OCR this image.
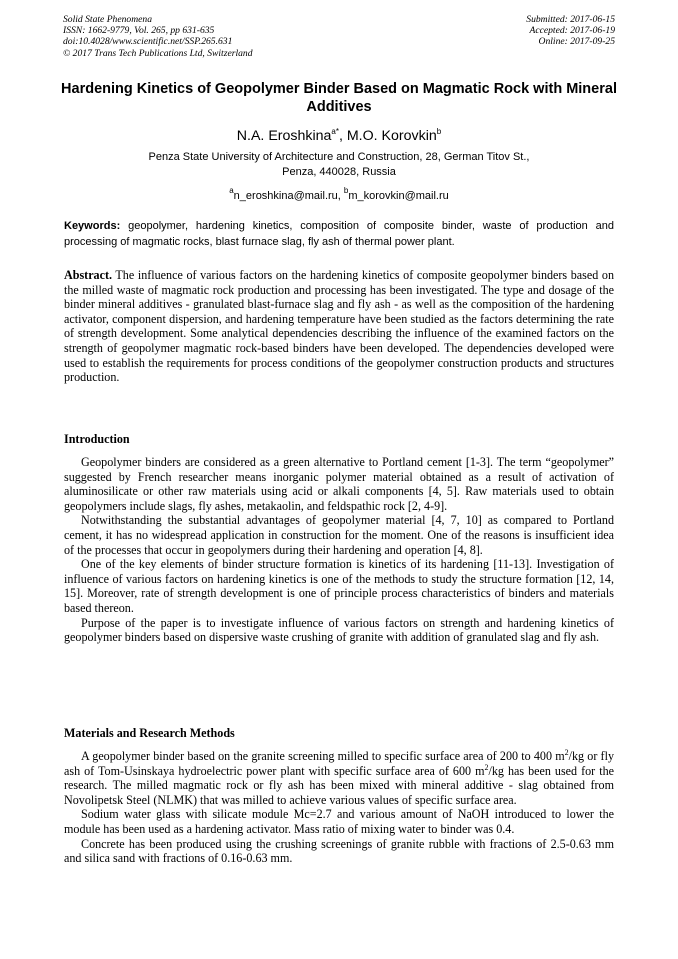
Solid State Phenomena
ISSN: 1662-9779, Vol. 265, pp 631-635
doi:10.4028/www.scientific.net/SSP.265.631
© 2017 Trans Tech Publications Ltd, Switzerland
Submitted: 2017-06-15
Accepted: 2017-06-19
Online: 2017-09-25
Hardening Kinetics of Geopolymer Binder Based on Magmatic Rock with Mineral Additives
N.A. Eroshkina$^{a*}$, M.O. Korovkin$^b$
Penza State University of Architecture and Construction, 28, German Titov St.,
Penza, 440028, Russia
$^a$n_eroshkina@mail.ru, $^b$m_korovkin@mail.ru
Keywords: geopolymer, hardening kinetics, composition of composite binder, waste of production and processing of magmatic rocks, blast furnace slag, fly ash of thermal power plant.
Abstract. The influence of various factors on the hardening kinetics of composite geopolymer binders based on the milled waste of magmatic rock production and processing has been investigated. The type and dosage of the binder mineral additives - granulated blast-furnace slag and fly ash - as well as the composition of the hardening activator, component dispersion, and hardening temperature have been studied as the factors determining the rate of strength development. Some analytical dependencies describing the influence of the examined factors on the strength of geopolymer magmatic rock-based binders have been developed. The dependencies developed were used to establish the requirements for process conditions of the geopolymer construction products and structures production.
Introduction

Geopolymer binders are considered as a green alternative to Portland cement [1-3]. The term “geopolymer” suggested by French researcher means inorganic polymer material obtained as a result of activation of aluminosilicate or other raw materials using acid or alkali components [4, 5]. Raw materials used to obtain geopolymers include slags, fly ashes, metakaolin, and feldspathic rock [2, 4-9].

Notwithstanding the substantial advantages of geopolymer material [4, 7, 10] as compared to Portland cement, it has no widespread application in construction for the moment. One of the reasons is insufficient idea of the processes that occur in geopolymers during their hardening and operation [4, 8].

One of the key elements of binder structure formation is kinetics of its hardening [11-13]. Investigation of influence of various factors on hardening kinetics is one of the methods to study the structure formation [12, 14, 15]. Moreover, rate of strength development is one of principle process characteristics of binders and materials based thereon.

Purpose of the paper is to investigate influence of various factors on strength and hardening kinetics of geopolymer binders based on dispersive waste crushing of granite with addition of granulated slag and fly ash.

Materials and Research Methods

A geopolymer binder based on the granite screening milled to specific surface area of 200 to 400 $m^2/kg$ or fly ash of Tom-Usinskaya hydroelectric power plant with specific surface area of 600 $m^2/kg$ has been used for the research. The milled magmatic rock or fly ash has been mixed with mineral additive - slag obtained from Novolipetsk Steel (NLMK) that was milled to achieve various values of specific surface area.

Sodium water glass with silicate module Mc=2.7 and various amount of NaOH introduced to lower the module has been used as a hardening activator. Mass ratio of mixing water to binder was 0.4.

Concrete has been produced using the crushing screenings of granite rubble with fractions of 2.5-0.63 mm and silica sand with fractions of 0.16-0.63 mm.
